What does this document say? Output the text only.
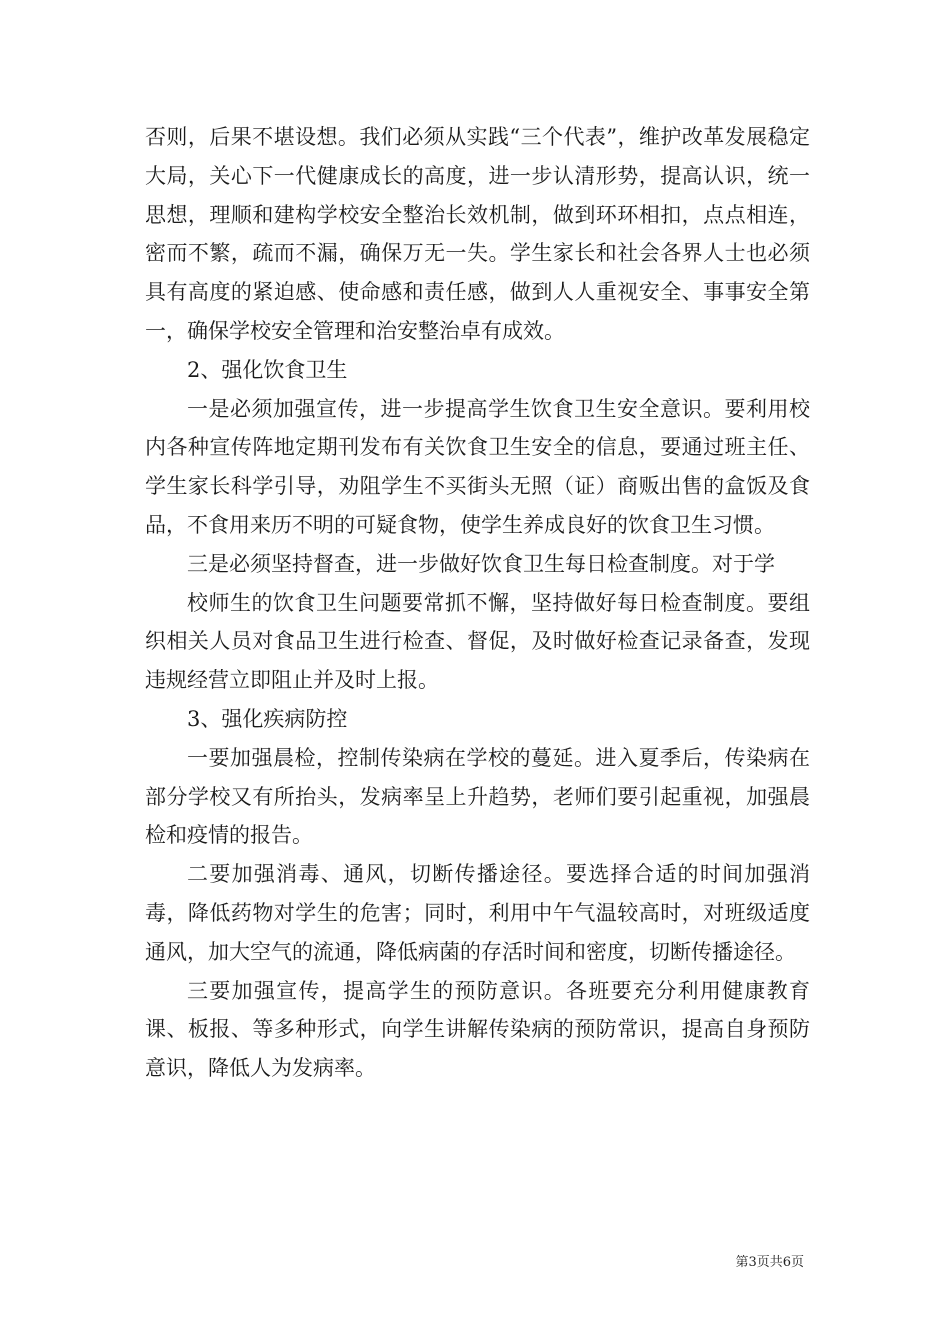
否则，后果不堪设想。我们必须从实践“三个代表”，维护改革发展稳定大局，关心下一代健康成长的高度，进一步认清形势，提高认识，统一思想，理顺和建构学校安全整治长效机制，做到环环相扣，点点相连，密而不繁，疏而不漏，确保万无一失。学生家长和社会各界人士也必须具有高度的紧迫感、使命感和责任感，做到人人重视安全、事事安全第一，确保学校安全管理和治安整治卓有成效。

2、强化饮食卫生

一是必须加强宣传，进一步提高学生饮食卫生安全意识。要利用校内各种宣传阵地定期刊发布有关饮食卫生安全的信息，要通过班主任、学生家长科学引导，劝阻学生不买街头无照（证）商贩出售的盒饭及食品，不食用来历不明的可疑食物，使学生养成良好的饮食卫生习惯。

三是必须坚持督查，进一步做好饮食卫生每日检查制度。对于学

校师生的饮食卫生问题要常抓不懈，坚持做好每日检查制度。要组织相关人员对食品卫生进行检查、督促，及时做好检查记录备查，发现违规经营立即阻止并及时上报。

3、强化疾病防控

一要加强晨检，控制传染病在学校的蔓延。进入夏季后，传染病在部分学校又有所抬头，发病率呈上升趋势，老师们要引起重视，加强晨检和疫情的报告。

二要加强消毒、通风，切断传播途径。要选择合适的时间加强消毒，降低药物对学生的危害；同时，利用中午气温较高时，对班级适度通风，加大空气的流通，降低病菌的存活时间和密度，切断传播途径。

三要加强宣传，提高学生的预防意识。各班要充分利用健康教育课、板报、等多种形式，向学生讲解传染病的预防常识，提高自身预防意识，降低人为发病率。

第3页共6页
